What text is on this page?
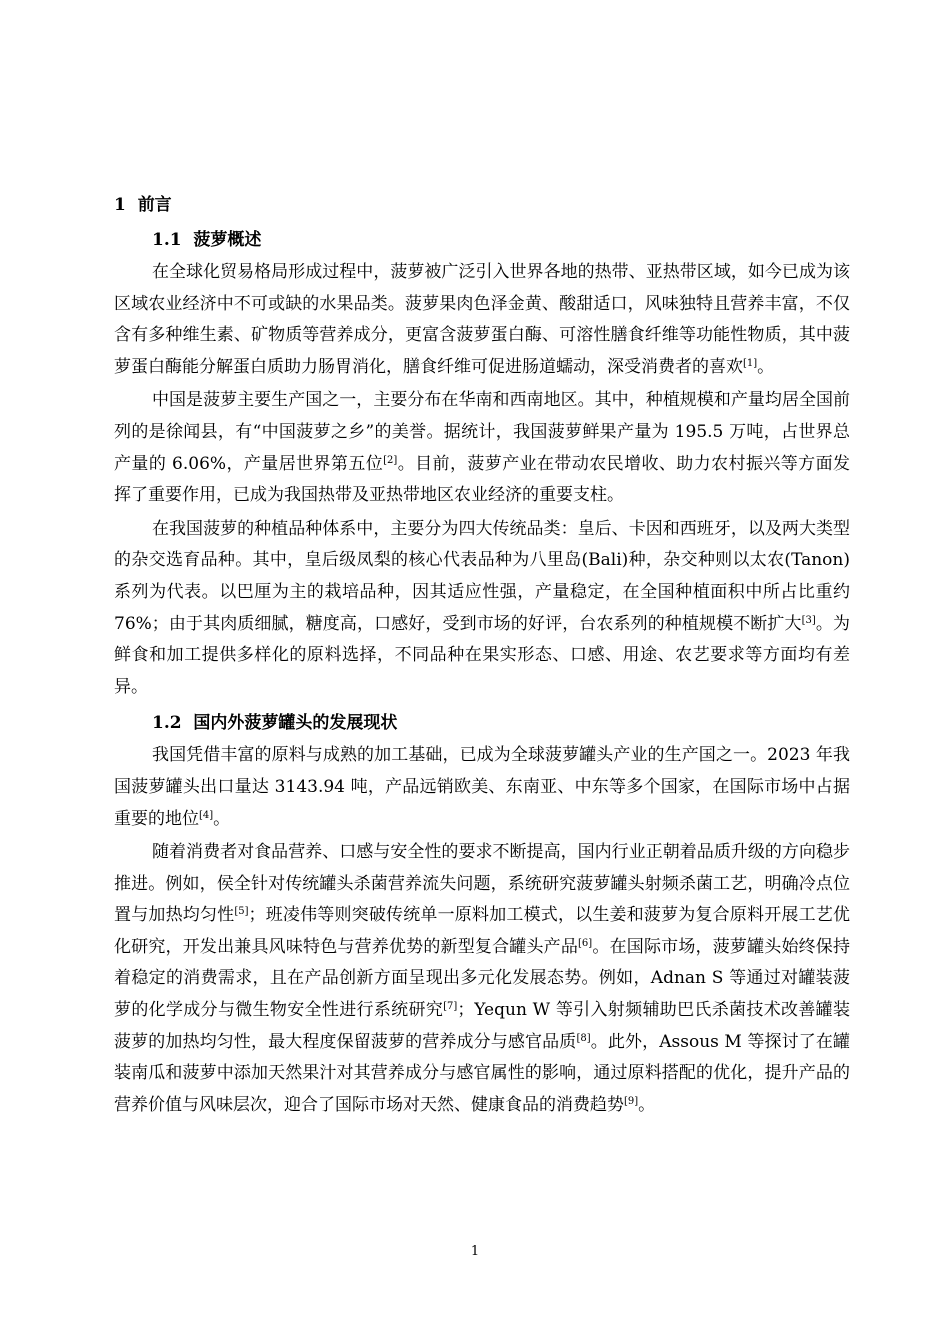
1 前言
1.1 菠萝概述

在全球化贸易格局形成过程中，菠萝被广泛引入世界各地的热带、亚热带区域，如今已成为该区域农业经济中不可或缺的水果品类。菠萝果肉色泽金黄、酸甜适口，风味独特且营养丰富，不仅含有多种维生素、矿物质等营养成分，更富含菠萝蛋白酶、可溶性膳食纤维等功能性物质，其中菠萝蛋白酶能分解蛋白质助力肠胃消化，膳食纤维可促进肠道蠕动，深受消费者的喜欢[1]。

中国是菠萝主要生产国之一，主要分布在华南和西南地区。其中，种植规模和产量均居全国前列的是徐闻县，有“中国菠萝之乡”的美誉。据统计，我国菠萝鲜果产量为 195.5 万吨，占世界总产量的 6.06%，产量居世界第五位[2]。目前，菠萝产业在带动农民增收、助力农村振兴等方面发挥了重要作用，已成为我国热带及亚热带地区农业经济的重要支柱。

在我国菠萝的种植品种体系中，主要分为四大传统品类：皇后、卡因和西班牙，以及两大类型的杂交选育品种。其中，皇后级凤梨的核心代表品种为八里岛(Bali)种，杂交种则以太农(Tanon)系列为代表。以巴厘为主的栽培品种，因其适应性强，产量稳定，在全国种植面积中所占比重约 76%；由于其肉质细腻，糖度高，口感好，受到市场的好评，台农系列的种植规模不断扩大[3]。为鲜食和加工提供多样化的原料选择，不同品种在果实形态、口感、用途、农艺要求等方面均有差异。

1.2 国内外菠萝罐头的发展现状

我国凭借丰富的原料与成熟的加工基础，已成为全球菠萝罐头产业的生产国之一。2023 年我国菠萝罐头出口量达 3143.94 吨，产品远销欧美、东南亚、中东等多个国家，在国际市场中占据重要的地位[4]。

随着消费者对食品营养、口感与安全性的要求不断提高，国内行业正朝着品质升级的方向稳步推进。例如，侯全针对传统罐头杀菌营养流失问题，系统研究菠萝罐头射频杀菌工艺，明确冷点位置与加热均匀性[5]；班凌伟等则突破传统单一原料加工模式，以生姜和菠萝为复合原料开展工艺优化研究，开发出兼具风味特色与营养优势的新型复合罐头产品[6]。在国际市场，菠萝罐头始终保持着稳定的消费需求，且在产品创新方面呈现出多元化发展态势。例如，Adnan S 等通过对罐装菠萝的化学成分与微生物安全性进行系统研究[7]；Yequn W 等引入射频辅助巴氏杀菌技术改善罐装菠萝的加热均匀性，最大程度保留菠萝的营养成分与感官品质[8]。此外，Assous M 等探讨了在罐装南瓜和菠萝中添加天然果汁对其营养成分与感官属性的影响，通过原料搭配的优化，提升产品的营养价值与风味层次，迎合了国际市场对天然、健康食品的消费趋势[9]。

1
